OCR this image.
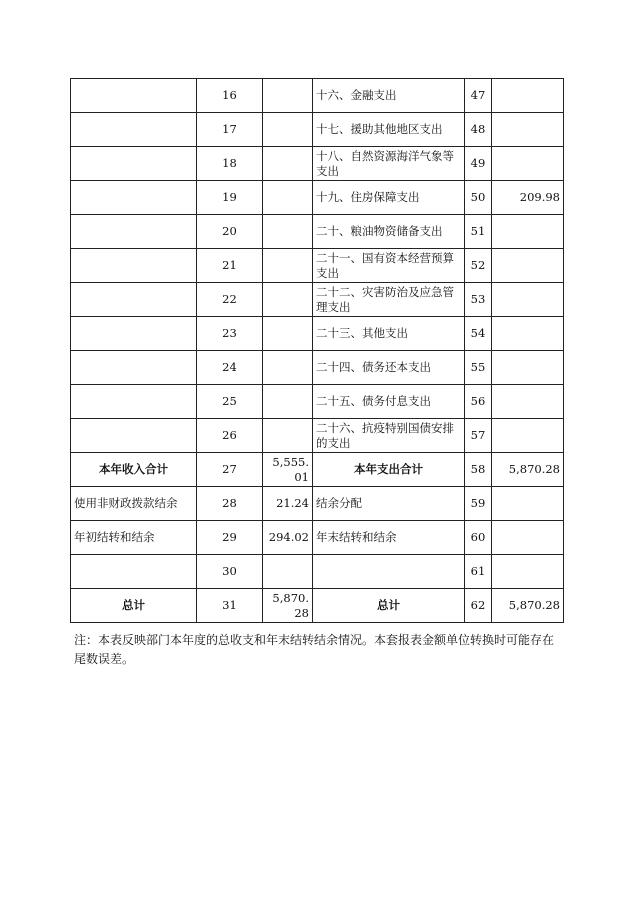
	16		十六、金融支出	47	
	17		十七、援助其他地区支出	48	
	18		十八、自然资源海洋气象等支出	49	
	19		十九、住房保障支出	50	209.98
	20		二十、粮油物资储备支出	51	
	21		二十一、国有资本经营预算支出	52	
	22		二十二、灾害防治及应急管理支出	53	
	23		二十三、其他支出	54	
	24		二十四、债务还本支出	55	
	25		二十五、债务付息支出	56	
	26		二十六、抗疫特别国债安排的支出	57	
本年收入合计	27	5,555.01	本年支出合计	58	5,870.28
使用非财政拨款结余	28	21.24	结余分配	59	
年初结转和结余	29	294.02	年末结转和结余	60	
	30			61	
总计	31	5,870.28	总计	62	5,870.28
注：本表反映部门本年度的总收支和年末结转结余情况。本套报表金额单位转换时可能存在尾数误差。
